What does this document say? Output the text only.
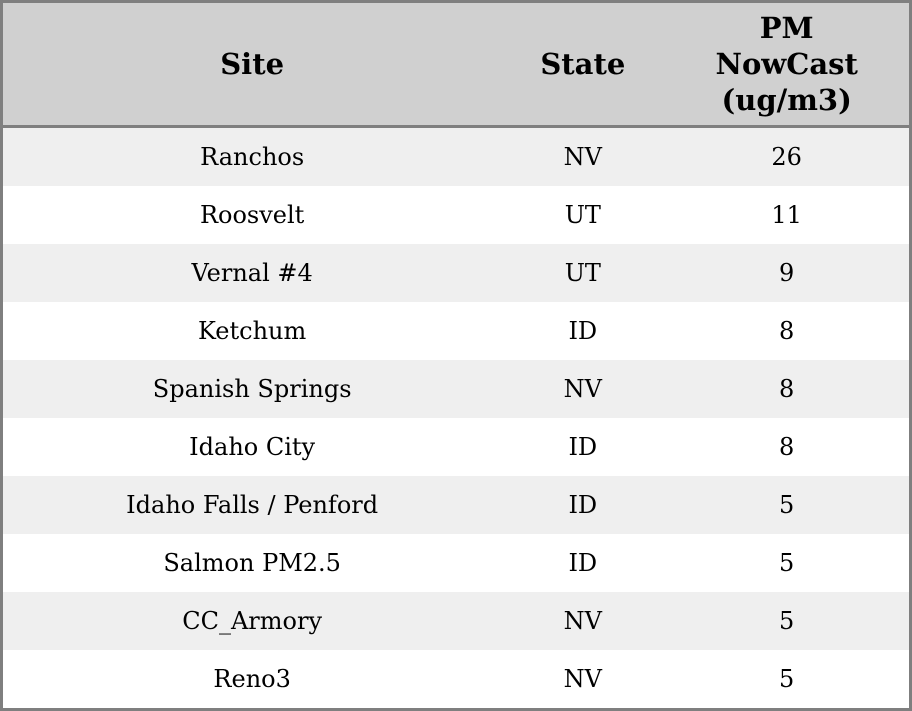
Site	State	PM NowCast (ug/m3)
Ranchos	NV	26
Roosvelt	UT	11
Vernal #4	UT	9
Ketchum	ID	8
Spanish Springs	NV	8
Idaho City	ID	8
Idaho Falls / Penford	ID	5
Salmon PM2.5	ID	5
CC_Armory	NV	5
Reno3	NV	5
